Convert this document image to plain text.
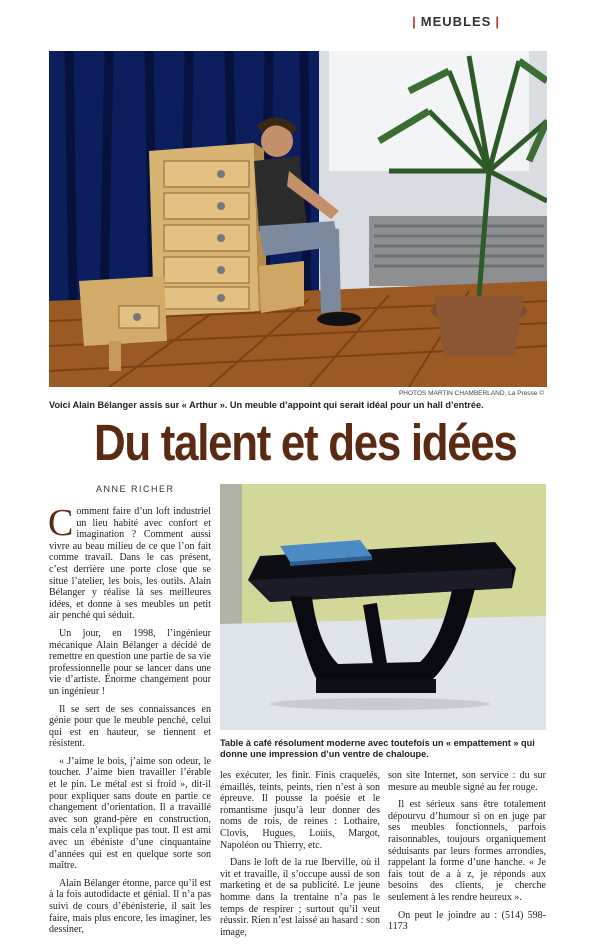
| MEUBLES |
PHOTOS MARTIN CHAMBERLAND, La Presse ©
Voici Alain Bélanger assis sur « Arthur ». Un meuble d’appoint qui serait idéal pour un hall d’entrée.
Du talent et des idées
ANNE RICHER
Table à café résolument moderne avec toutefois un « empattement » qui donne une impression d’un ventre de chaloupe.

Comment faire d’un loft industriel un lieu habité avec confort et imagination ? Comment aussi vivre au beau milieu de ce que l’on fait comme travail. Dans le cas présent, c’est derrière une porte close que se situe l’atelier, les bois, les outils. Alain Bélanger y réalise là ses meilleures idées, et donne à ses meubles un petit air penché qui séduit.

Un jour, en 1998, l’ingénieur mécanique Alain Bélanger a décidé de remettre en question une partie de sa vie professionnelle pour se lancer dans une vie d’artiste. Énorme changement pour un ingénieur !

Il se sert de ses connaissances en génie pour que le meuble penché, celui qui est en hauteur, se tiennent et résistent.

« J’aime le bois, j’aime son odeur, le toucher. J’aime bien travailler l’érable et le pin. Le métal est si froid », dit-il pour expliquer sans doute en partie ce changement d’orientation. Il a travaillé avec son grand-père en construction, mais cela n’explique pas tout. Il est ami avec un ébéniste d’une cinquantaine d’années qui est en quelque sorte son maître.

Alain Bélanger étonne, parce qu’il est à la fois autodidacte et génial. Il n’a pas suivi de cours d’ébénisterie, il sait les faire, mais plus encore, les imaginer, les dessiner,

les exécuter, les finir. Finis craquelés, émaillés, teints, peints, rien n’est à son épreuve. Il pousse la poésie et le romantisme jusqu’à leur donner des noms de rois, de reines : Lothaire, Clovis, Hugues, Louis, Margot, Napoléon ou Thierry, etc.

Dans le loft de la rue Iberville, où il vit et travaille, il s’occupe aussi de son marketing et de sa publicité. Le jeune homme dans la trentaine n’a pas le temps de respirer ; surtout qu’il veut réussir. Rien n’est laissé au hasard : son image,

son site Internet, son service : du sur mesure au meuble signé au fer rouge.

Il est sérieux sans être totalement dépourvu d’humour si on en juge par ses meubles fonctionnels, parfois raisonnables, toujours organiquement séduisants par leurs formes arrondies, rappelant la forme d’une hanche. « Je fais tout de a à z, je réponds aux besoins des clients, je cherche seulement à les rendre heureux ».

On peut le joindre au : (514) 598-1173
